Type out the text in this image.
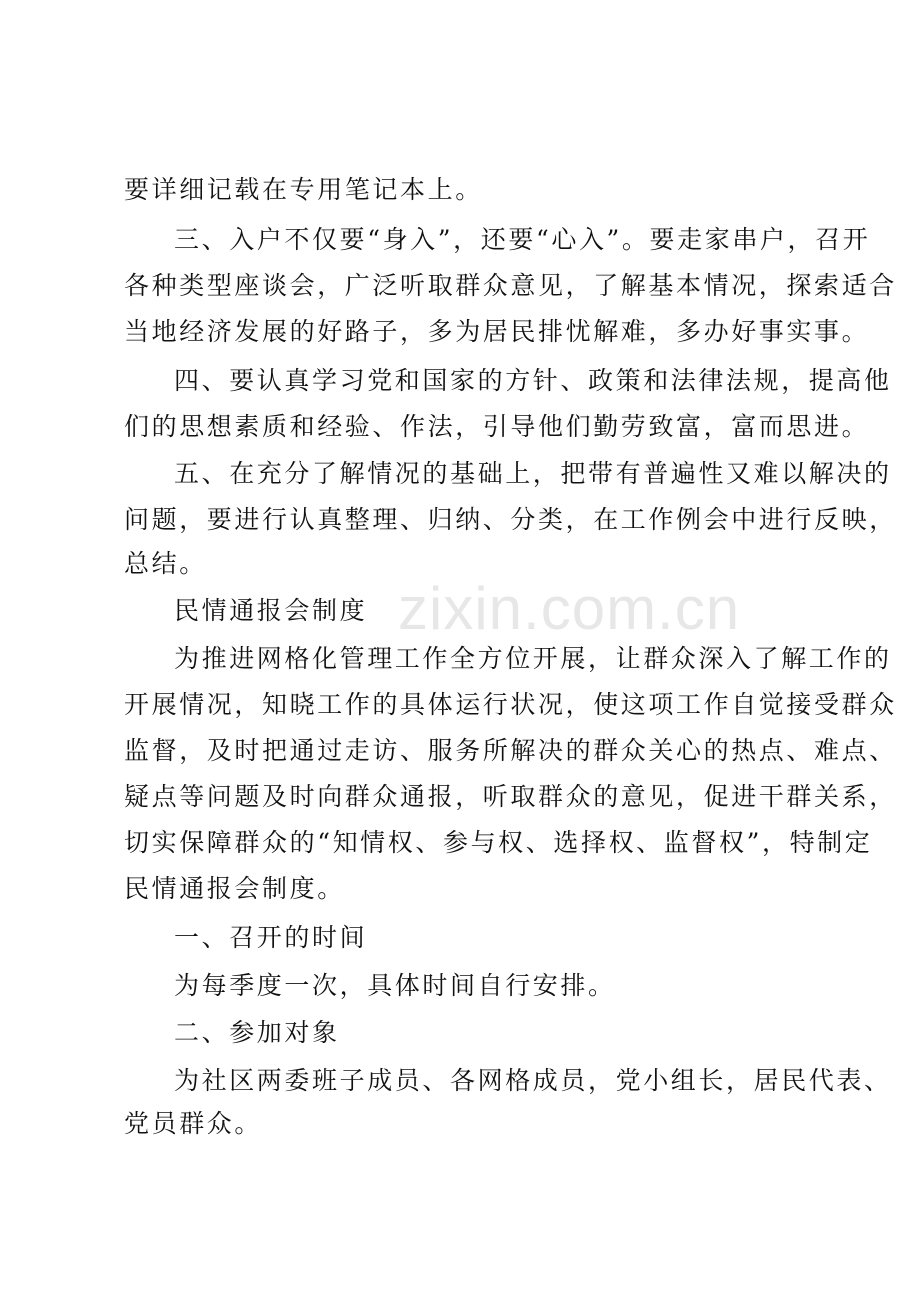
要详细记载在专用笔记本上。
三、入户不仅要“身入”，还要“心入”。要走家串户，召开
各种类型座谈会，广泛听取群众意见，了解基本情况，探索适合
当地经济发展的好路子，多为居民排忧解难，多办好事实事。
四、要认真学习党和国家的方针、政策和法律法规，提高他
们的思想素质和经验、作法，引导他们勤劳致富，富而思进。
五、在充分了解情况的基础上，把带有普遍性又难以解决的
问题，要进行认真整理、归纳、分类，在工作例会中进行反映，
总结。
民情通报会制度
为推进网格化管理工作全方位开展，让群众深入了解工作的
开展情况，知晓工作的具体运行状况，使这项工作自觉接受群众
监督，及时把通过走访、服务所解决的群众关心的热点、难点、
疑点等问题及时向群众通报，听取群众的意见，促进干群关系，
切实保障群众的“知情权、参与权、选择权、监督权”，特制定
民情通报会制度。
一、召开的时间
为每季度一次，具体时间自行安排。
二、参加对象
为社区两委班子成员、各网格成员，党小组长，居民代表、
党员群众。
zixin.com.cn
